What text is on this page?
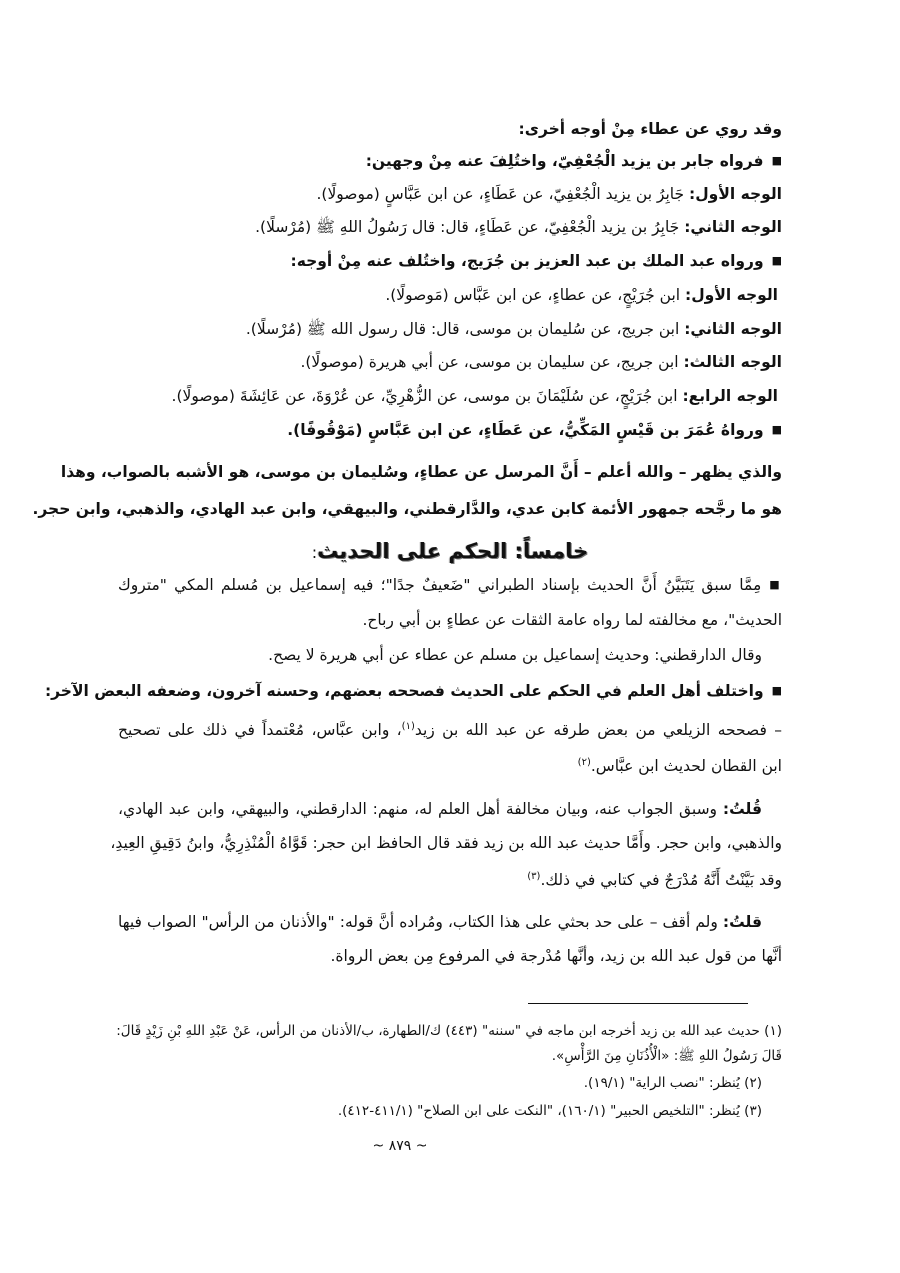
وقد روي عن عطاء مِنْ أوجه أخرى:
■فرواه جابر بن يزيد الْجُعْفِيّ، واختُلِفَ عنه مِنْ وجهين:
الوجه الأول: جَابِرُ بن يزيد الْجُعْفِيّ، عن عَطَاءٍ، عن ابن عَبَّاسٍ (موصولًا).
الوجه الثاني: جَابِرُ بن يزيد الْجُعْفِيّ، عن عَطَاءٍ، قال: قال رَسُولُ اللهِ ﷺ (مُرْسلًا).
■ورواه عبد الملك بن عبد العزيز بن جُرَيج، واختُلف عنه مِنْ أوجه:
الوجه الأول: ابن جُرَيْجٍ، عن عطاءٍ، عن ابن عَبَّاس (مَوصولًا).
الوجه الثاني: ابن جريج، عن سُليمان بن موسى، قال: قال رسول الله ﷺ (مُرْسلًا).
الوجه الثالث: ابن جريج، عن سليمان بن موسى، عن أبي هريرة (موصولًا).
الوجه الرابع: ابن جُرَيْجٍ، عن سُلَيْمَانَ بن موسى، عن الزُّهْرِيِّ، عن عُرْوَةَ، عن عَائِشَةَ (موصولًا).
■ورواهُ عُمَرَ بن قَيْسٍ المَكِّيُّ، عن عَطَاءٍ، عن ابن عَبَّاسٍ (مَوْقُوفًا).
والذي يظهر – والله أعلم – أَنَّ المرسل عن عطاءٍ، وسُليمان بن موسى، هو الأشبه بالصواب، وهذا
هو ما رجَّحه جمهور الأئمة كابن عدي، والدَّارقطني، والبيهقي، وابن عبد الهادي، والذهبي، وابن حجر.
خامساً: الحكم على الحديث:
■مِمَّا سبق يَتَبَيَّنُ أَنَّ الحديث بإسناد الطبراني "ضَعيفٌ جدًا"؛ فيه إسماعيل بن مُسلم المكي "متروك
الحديث"، مع مخالفته لما رواه عامة الثقات عن عطاءٍ بن أبي رباح.
وقال الدارقطني: وحديث إسماعيل بن مسلم عن عطاء عن أبي هريرة لا يصح.
■واختلف أهل العلم في الحكم على الحديث فصححه بعضهم، وحسنه آخرون، وضعفه البعض الآخر:
– فصححه الزيلعي من بعض طرقه عن عبد الله بن زيد$^{(١)}$، وابن عبَّاس، مُعْتمداً في ذلك على تصحيح
ابن القطان لحديث ابن عبَّاس.$^{(٢)}$
قُلتُ: وسبق الجواب عنه، وبيان مخالفة أهل العلم له، منهم: الدارقطني، والبيهقي، وابن عبد الهادي،
والذهبي، وابن حجر. وأَمَّا حديث عبد الله بن زيد فقد قال الحافظ ابن حجر: قَوَّاهُ الْمُنْذِرِيُّ، وابنُ دَقِيقِ العِيدِ،
وقد بَيَّنْتُ أَنَّهُ مُدْرَجٌ في كتابي في ذلك.$^{(٣)}$
قلتُ: ولم أقف – على حد بحثي على هذا الكتاب، ومُراده أنَّ قوله: "والأذنان من الرأس" الصواب فيها
أنَّها من قول عبد الله بن زيد، وأنَّها مُدْرجة في المرفوع مِن بعض الرواة.
(١) حديث عبد الله بن زيد أخرجه ابن ماجه في "سننه" (٤٤٣) ك/الطهارة، ب/الأذنان من الرأس، عَنْ عَبْدِ اللهِ بْنِ زَيْدٍ قَالَ:
قَالَ رَسُولُ اللهِ ﷺ: «الْأُذُنَانِ مِنَ الرَّأْسِ».
(٢) يُنظر: "نصب الراية" (١٩/١).
(٣) يُنظر: "التلخيص الحبير" (١٦٠/١)، "النكت على ابن الصلاح" (٤١١/١-٤١٢).
~ ٨٧٩ ~
